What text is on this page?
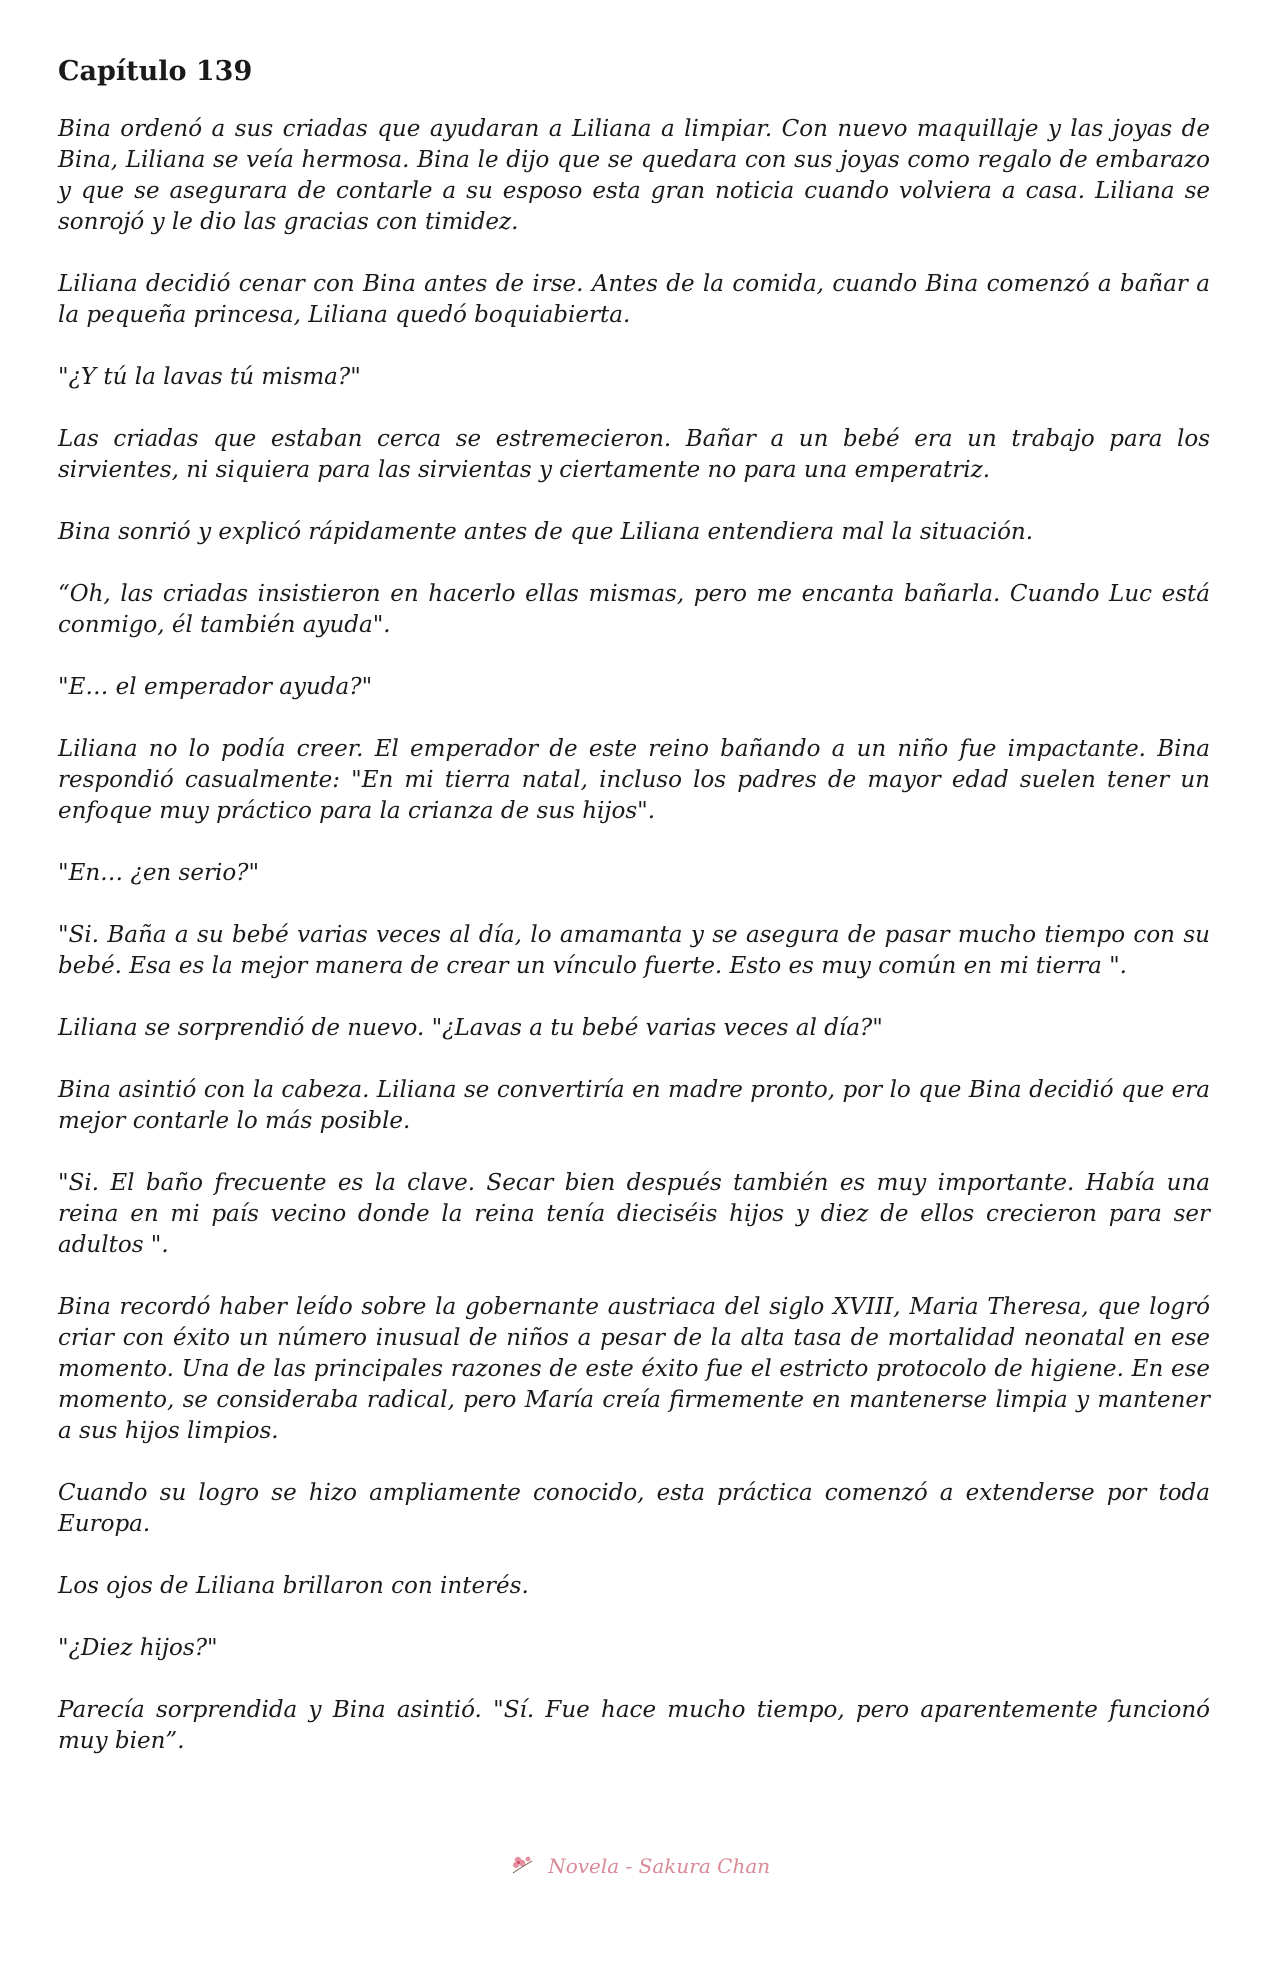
Capítulo 139

Bina ordenó a sus criadas que ayudaran a Liliana a limpiar. Con nuevo maquillaje y las joyas de Bina, Liliana se veía hermosa. Bina le dijo que se quedara con sus joyas como regalo de embarazo y que se asegurara de contarle a su esposo esta gran noticia cuando volviera a casa. Liliana se sonrojó y le dio las gracias con timidez.

Liliana decidió cenar con Bina antes de irse. Antes de la comida, cuando Bina comenzó a bañar a la pequeña princesa, Liliana quedó boquiabierta.

"¿Y tú la lavas tú misma?"

Las criadas que estaban cerca se estremecieron. Bañar a un bebé era un trabajo para los sirvientes, ni siquiera para las sirvientas y ciertamente no para una emperatriz.

Bina sonrió y explicó rápidamente antes de que Liliana entendiera mal la situación.

“Oh, las criadas insistieron en hacerlo ellas mismas, pero me encanta bañarla. Cuando Luc está conmigo, él también ayuda".

"E… el emperador ayuda?"

Liliana no lo podía creer. El emperador de este reino bañando a un niño fue impactante. Bina respondió casualmente: "En mi tierra natal, incluso los padres de mayor edad suelen tener un enfoque muy práctico para la crianza de sus hijos".

"En… ¿en serio?"

"Si. Baña a su bebé varias veces al día, lo amamanta y se asegura de pasar mucho tiempo con su bebé. Esa es la mejor manera de crear un vínculo fuerte. Esto es muy común en mi tierra ".

Liliana se sorprendió de nuevo. "¿Lavas a tu bebé varias veces al día?"

Bina asintió con la cabeza. Liliana se convertiría en madre pronto, por lo que Bina decidió que era mejor contarle lo más posible.

"Si. El baño frecuente es la clave. Secar bien después también es muy importante. Había una reina en mi país vecino donde la reina tenía dieciséis hijos y diez de ellos crecieron para ser adultos ".

Bina recordó haber leído sobre la gobernante austriaca del siglo XVIII, Maria Theresa, que logró criar con éxito un número inusual de niños a pesar de la alta tasa de mortalidad neonatal en ese momento. Una de las principales razones de este éxito fue el estricto protocolo de higiene. En ese momento, se consideraba radical, pero María creía firmemente en mantenerse limpia y mantener a sus hijos limpios.

Cuando su logro se hizo ampliamente conocido, esta práctica comenzó a extenderse por toda Europa.

Los ojos de Liliana brillaron con interés.

"¿Diez hijos?"

Parecía sorprendida y Bina asintió. "Sí. Fue hace mucho tiempo, pero aparentemente funcionó muy bien”.

Novela - Sakura Chan
